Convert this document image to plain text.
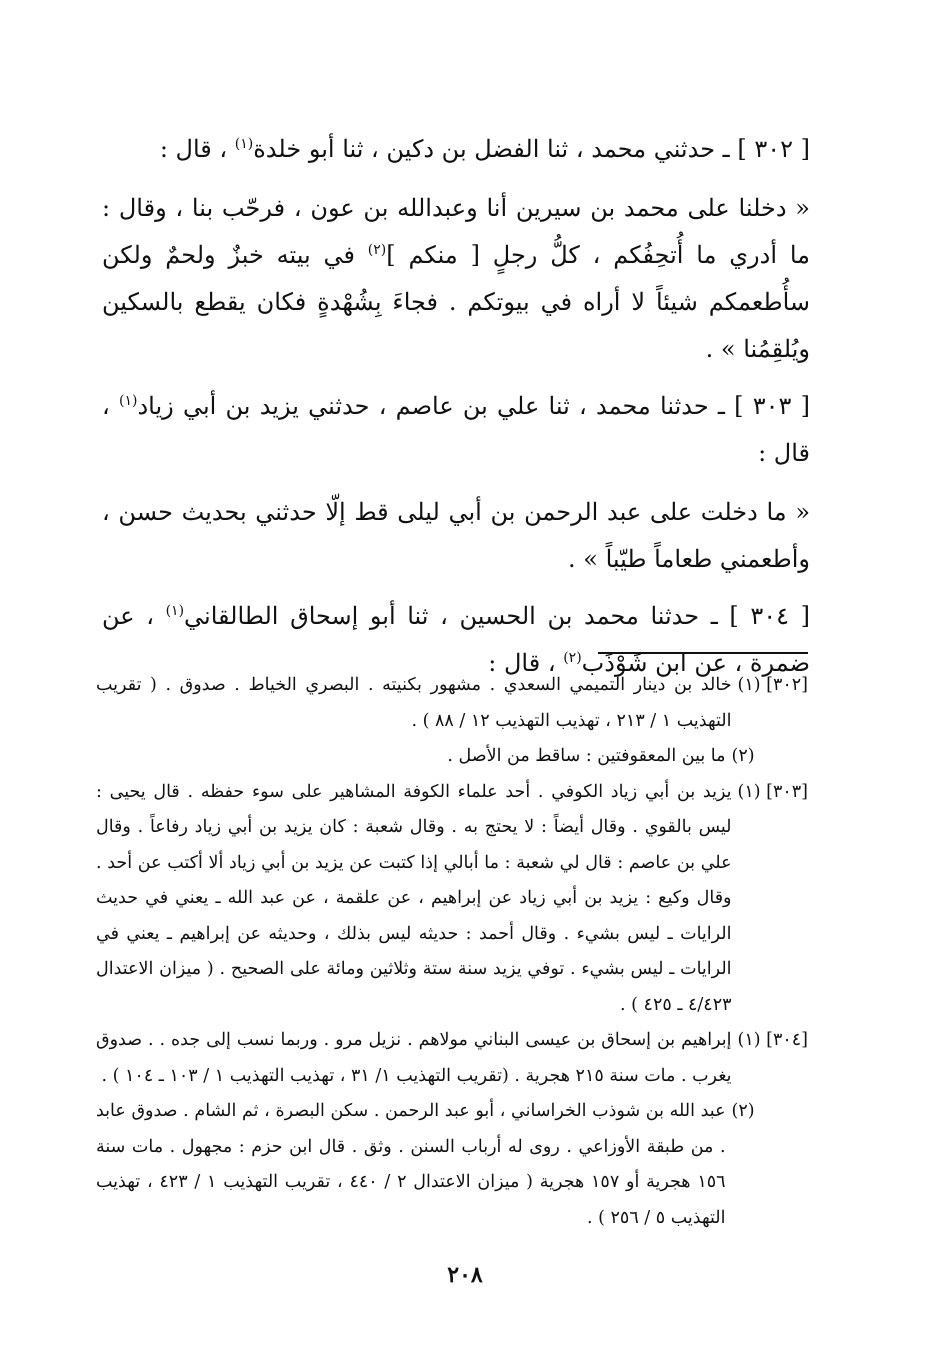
[ ٣٠٢ ] ـ حدثني محمد ، ثنا الفضل بن دكين ، ثنا أبو خلدة$^{(١)}$ ، قال :

« دخلنا على محمد بن سيرين أنا وعبدالله بن عون ، فرحّب بنا ، وقال : ما أدري ما أُتحِفُكم ، كلُّ رجلٍ [ منكم ]$^{(٢)}$ في بيته خبزٌ ولحمٌ ولكن سأُطعمكم شيئاً لا أراه في بيوتكم . فجاءَ بِشُهْدةٍ فكان يقطع بالسكين ويُلقِمُنا » .

[ ٣٠٣ ] ـ حدثنا محمد ، ثنا علي بن عاصم ، حدثني يزيد بن أبي زياد$^{(١)}$ ، قال :

« ما دخلت على عبد الرحمن بن أبي ليلى قط إلّا حدثني بحديث حسن ، وأطعمني طعاماً طيّباً » .

[ ٣٠٤ ] ـ حدثنا محمد بن الحسين ، ثنا أبو إسحاق الطالقاني$^{(١)}$ ، عن ضمرة ، عن ابن شَوْذَب$^{(٢)}$ ، قال :

[٣٠٢] (١)
خالد بن دينار التميمي السعدي . مشهور بكنيته . البصري الخياط . صدوق . ( تقريب التهذيب ١ / ٢١٣ ، تهذيب التهذيب ١٢ / ٨٨ ) .
(٢)
ما بين المعقوفتين : ساقط من الأصل .
[٣٠٣] (١)
يزيد بن أبي زياد الكوفي . أحد علماء الكوفة المشاهير على سوء حفظه . قال يحيى : ليس بالقوي . وقال أيضاً : لا يحتج به . وقال شعبة : كان يزيد بن أبي زياد رفاعاً . وقال علي بن عاصم : قال لي شعبة : ما أبالي إذا كتبت عن يزيد بن أبي زياد ألا أكتب عن أحد . وقال وكيع : يزيد بن أبي زياد عن إبراهيم ، عن علقمة ، عن عبد الله ـ يعني في حديث الرايات ـ ليس بشيء . وقال أحمد : حديثه ليس بذلك ، وحديثه عن إبراهيم ـ يعني في الرايات ـ ليس بشيء . توفي يزيد سنة ستة وثلاثين ومائة على الصحيح . ( ميزان الاعتدال ٤/٤٢٣ ـ ٤٢٥ ) .
[٣٠٤] (١)
إبراهيم بن إسحاق بن عيسى البناني مولاهم . نزيل مرو . وربما نسب إلى جده . . صدوق يغرب . مات سنة ٢١٥ هجرية . (تقريب التهذيب ١/ ٣١ ، تهذيب التهذيب ١ / ١٠٣ ـ ١٠٤ ) .
(٢)
عبد الله بن شوذب الخراساني ، أبو عبد الرحمن . سكن البصرة ، ثم الشام . صدوق عابد . من طبقة الأوزاعي . روى له أرباب السنن . وثق . قال ابن حزم : مجهول . مات سنة ١٥٦ هجرية أو ١٥٧ هجرية ( ميزان الاعتدال ٢ / ٤٤٠ ، تقريب التهذيب ١ / ٤٢٣ ، تهذيب التهذيب ٥ / ٢٥٦ ) .
٢٠٨
